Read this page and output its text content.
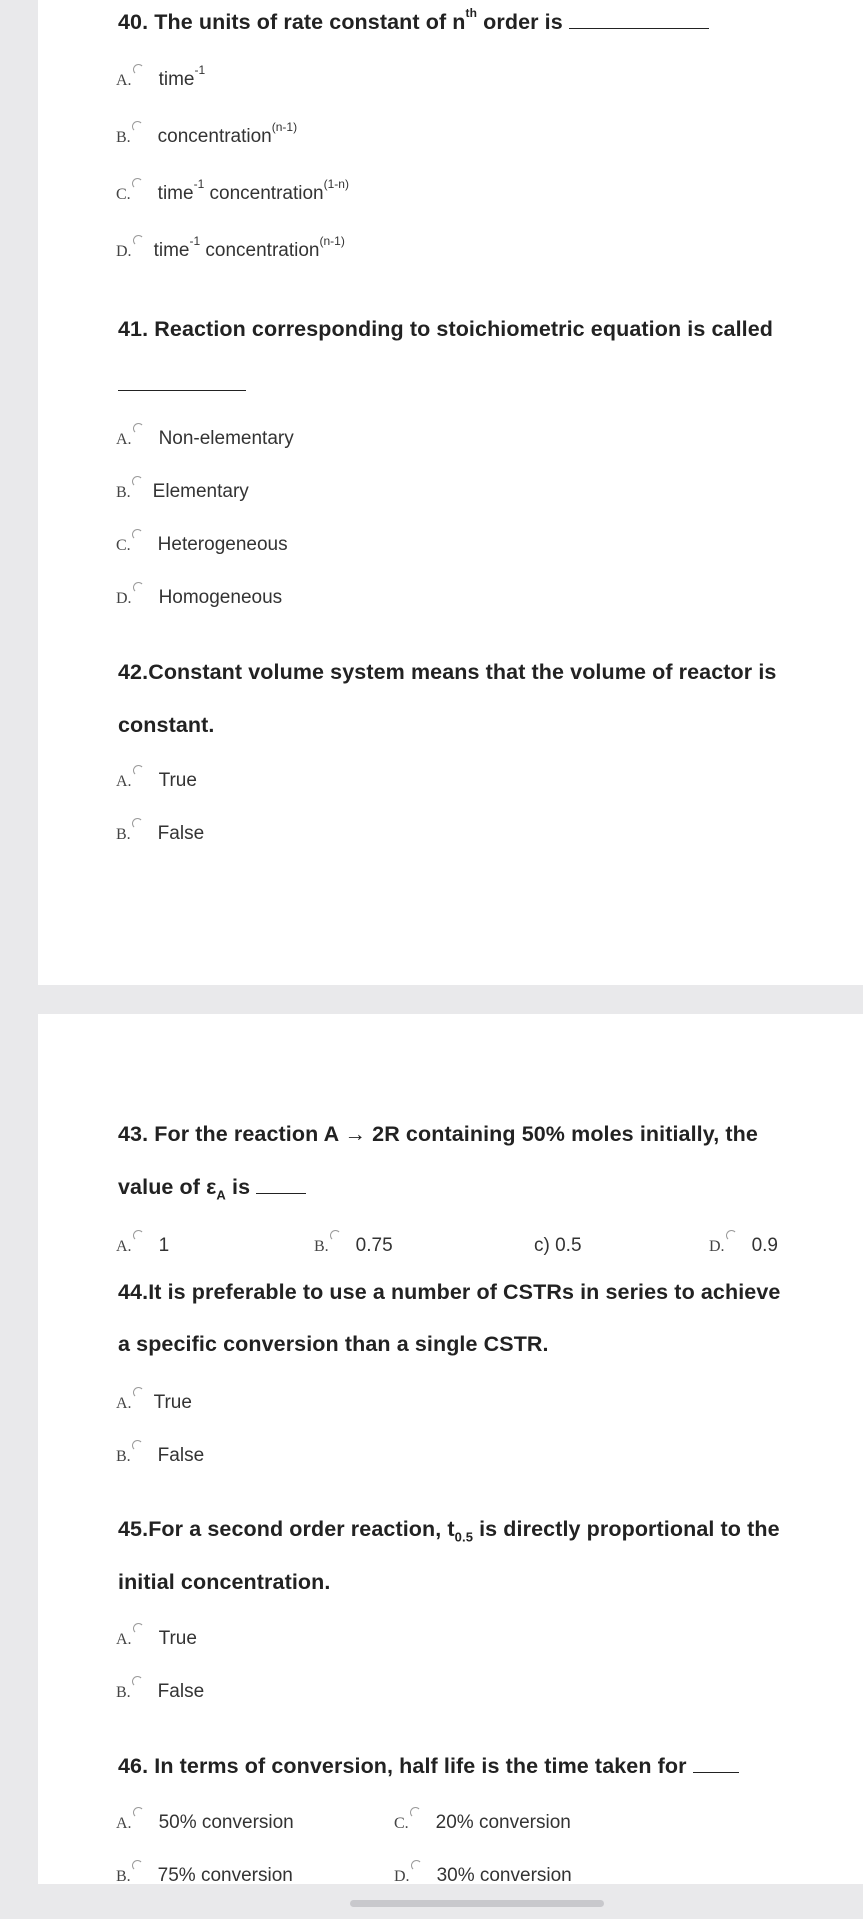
40. The units of rate constant of $n^{th}$ order is
A. time$^{-1}$
B. concentration$^{(n-1)}$
C. time$^{-1}$ concentration$^{(1-n)}$
D. time$^{-1}$ concentration$^{(n-1)}$
41. Reaction corresponding to stoichiometric equation is called
A. Non-elementary
B. Elementary
C. Heterogeneous
D. Homogeneous
42.Constant volume system means that the volume of reactor is
constant.
A. True
B. False
43. For the reaction A → 2R containing 50% moles initially, the
value of $\varepsilon_A$ is
A. 1	B. 0.75	c) 0.5	D. 0.9
44.It is preferable to use a number of CSTRs in series to achieve
a specific conversion than a single CSTR.
A. True
B. False
45.For a second order reaction, $t_{0.5}$ is directly proportional to the
initial concentration.
A. True
B. False
46. In terms of conversion, half life is the time taken for
A. 50% conversion	C. 20% conversion
B. 75% conversion	D. 30% conversion
